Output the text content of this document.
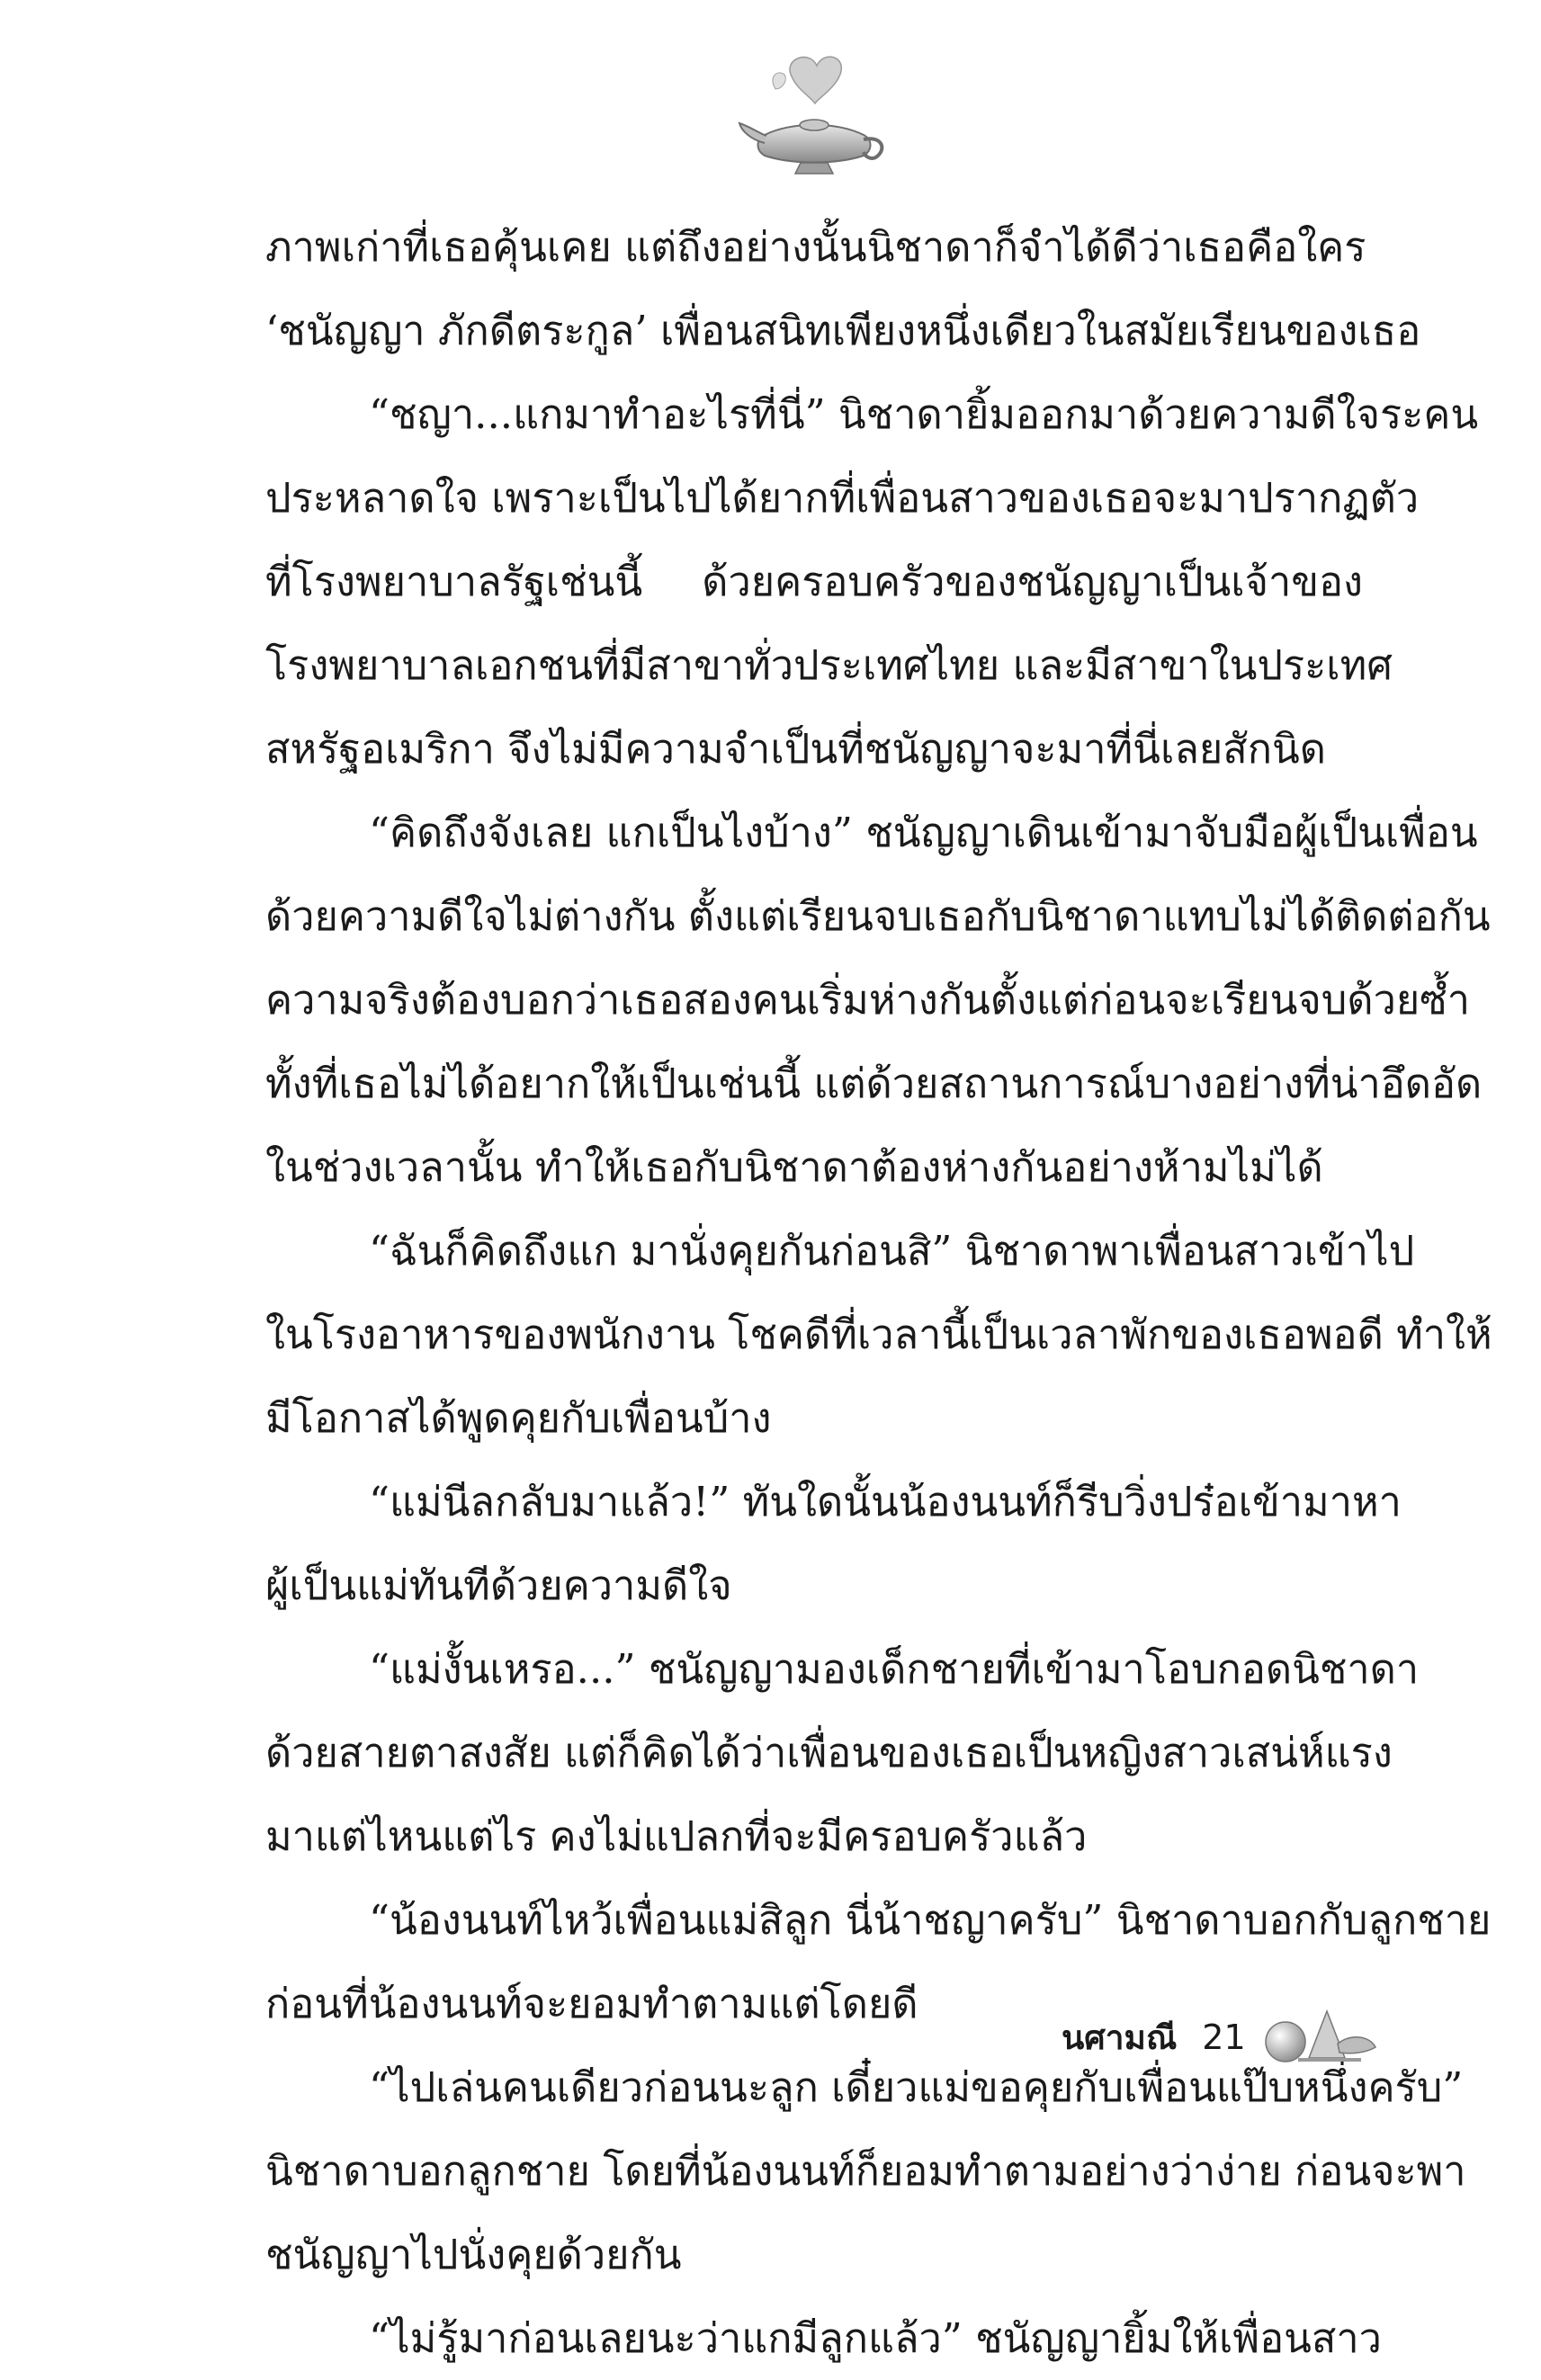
ภาพเก่าที่เธอคุ้นเคย แต่ถึงอย่างนั้นนิชาดาก็จำได้ดีว่าเธอคือใคร
‘ชนัญญา ภักดีตระกูล’ เพื่อนสนิทเพียงหนึ่งเดียวในสมัยเรียนของเธอ
“ชญา...แกมาทำอะไรที่นี่” นิชาดายิ้มออกมาด้วยความดีใจระคน
ประหลาดใจ เพราะเป็นไปได้ยากที่เพื่อนสาวของเธอจะมาปรากฏตัว
ที่โรงพยาบาลรัฐเช่นนี้ ด้วยครอบครัวของชนัญญาเป็นเจ้าของ
โรงพยาบาลเอกชนที่มีสาขาทั่วประเทศไทย และมีสาขาในประเทศ
สหรัฐอเมริกา จึงไม่มีความจำเป็นที่ชนัญญาจะมาที่นี่เลยสักนิด
“คิดถึงจังเลย แกเป็นไงบ้าง” ชนัญญาเดินเข้ามาจับมือผู้เป็นเพื่อน
ด้วยความดีใจไม่ต่างกัน ตั้งแต่เรียนจบเธอกับนิชาดาแทบไม่ได้ติดต่อกัน
ความจริงต้องบอกว่าเธอสองคนเริ่มห่างกันตั้งแต่ก่อนจะเรียนจบด้วยซ้ำ
ทั้งที่เธอไม่ได้อยากให้เป็นเช่นนี้ แต่ด้วยสถานการณ์บางอย่างที่น่าอึดอัด
ในช่วงเวลานั้น ทำให้เธอกับนิชาดาต้องห่างกันอย่างห้ามไม่ได้
“ฉันก็คิดถึงแก มานั่งคุยกันก่อนสิ” นิชาดาพาเพื่อนสาวเข้าไป
ในโรงอาหารของพนักงาน โชคดีที่เวลานี้เป็นเวลาพักของเธอพอดี ทำให้
มีโอกาสได้พูดคุยกับเพื่อนบ้าง
“แม่นีลกลับมาแล้ว!” ทันใดนั้นน้องนนท์ก็รีบวิ่งปร๋อเข้ามาหา
ผู้เป็นแม่ทันทีด้วยความดีใจ
“แม่งั้นเหรอ...” ชนัญญามองเด็กชายที่เข้ามาโอบกอดนิชาดา
ด้วยสายตาสงสัย แต่ก็คิดได้ว่าเพื่อนของเธอเป็นหญิงสาวเสน่ห์แรง
มาแต่ไหนแต่ไร คงไม่แปลกที่จะมีครอบครัวแล้ว
“น้องนนท์ไหว้เพื่อนแม่สิลูก นี่น้าชญาครับ” นิชาดาบอกกับลูกชาย
ก่อนที่น้องนนท์จะยอมทำตามแต่โดยดี
“ไปเล่นคนเดียวก่อนนะลูก เดี๋ยวแม่ขอคุยกับเพื่อนแป๊บหนึ่งครับ”
นิชาดาบอกลูกชาย โดยที่น้องนนท์ก็ยอมทำตามอย่างว่าง่าย ก่อนจะพา
ชนัญญาไปนั่งคุยด้วยกัน
“ไม่รู้มาก่อนเลยนะว่าแกมีลูกแล้ว” ชนัญญายิ้มให้เพื่อนสาว
นศามณี 21
